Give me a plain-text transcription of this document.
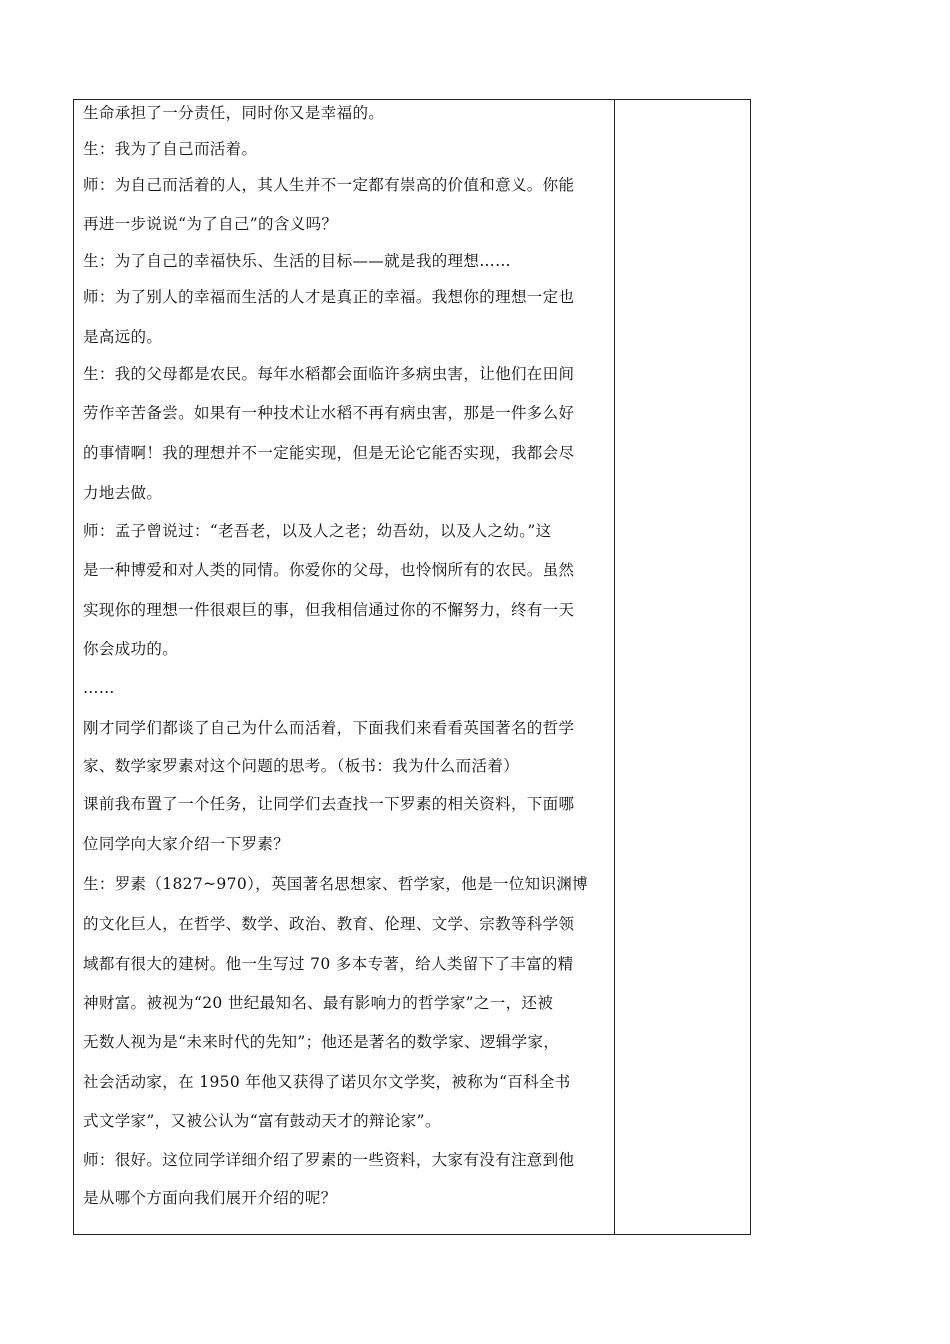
生命承担了一分责任，同时你又是幸福的。
生：我为了自己而活着。
师：为自己而活着的人，其人生并不一定都有崇高的价值和意义。你能
再进一步说说“为了自己”的含义吗？
生：为了自己的幸福快乐、生活的目标——就是我的理想……
师：为了别人的幸福而生活的人才是真正的幸福。我想你的理想一定也
是高远的。
生：我的父母都是农民。每年水稻都会面临许多病虫害，让他们在田间
劳作辛苦备尝。如果有一种技术让水稻不再有病虫害，那是一件多么好
的事情啊！我的理想并不一定能实现，但是无论它能否实现，我都会尽
力地去做。
师：孟子曾说过：“老吾老，以及人之老；幼吾幼，以及人之幼。”这
是一种博爱和对人类的同情。你爱你的父母，也怜悯所有的农民。虽然
实现你的理想一件很艰巨的事，但我相信通过你的不懈努力，终有一天
你会成功的。
……
刚才同学们都谈了自己为什么而活着，下面我们来看看英国著名的哲学
家、数学家罗素对这个问题的思考。（板书：我为什么而活着）
课前我布置了一个任务，让同学们去查找一下罗素的相关资料，下面哪
位同学向大家介绍一下罗素？
生：罗素（1827~970），英国著名思想家、哲学家，他是一位知识渊博
的文化巨人，在哲学、数学、政治、教育、伦理、文学、宗教等科学领
域都有很大的建树。他一生写过 70 多本专著，给人类留下了丰富的精
神财富。被视为“20 世纪最知名、最有影响力的哲学家”之一，还被
无数人视为是“未来时代的先知”；他还是著名的数学家、逻辑学家，
社会活动家，在 1950 年他又获得了诺贝尔文学奖，被称为“百科全书
式文学家”，又被公认为“富有鼓动天才的辩论家”。
师：很好。这位同学详细介绍了罗素的一些资料，大家有没有注意到他
是从哪个方面向我们展开介绍的呢？
